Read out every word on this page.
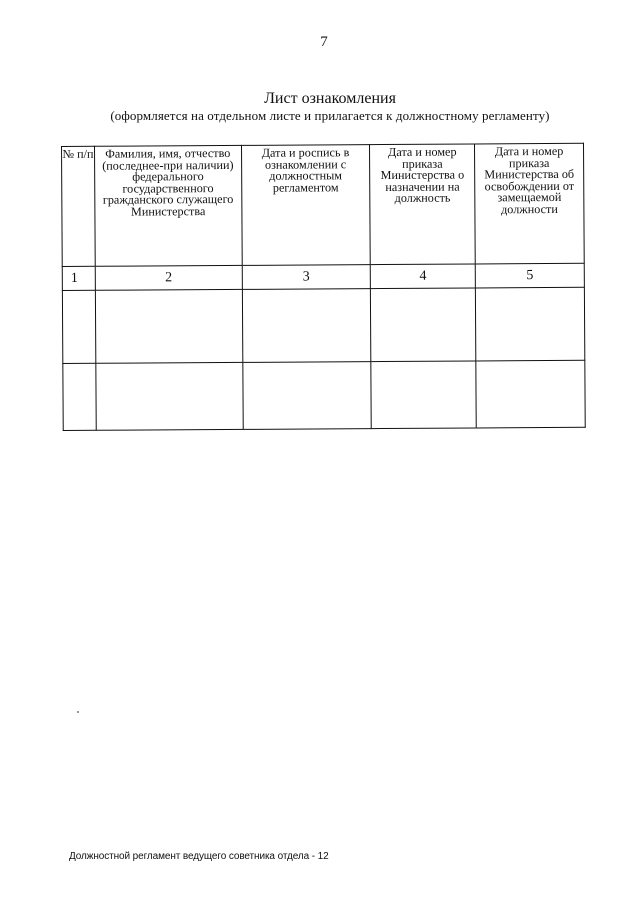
7
Лист ознакомления
(оформляется на отдельном листе и прилагается к должностному регламенту)
№ п/п	Фамилия, имя, отчество (последнее-при наличии) федерального государственного гражданского служащего Министерства	Дата и роспись в ознакомлении с должностным регламентом	Дата и номер приказа Министерства о назначении на должность	Дата и номер приказа Министерства об освобождении от замещаемой должности
1	2	3	4	5

Должностной регламент ведущего советника отдела - 12
